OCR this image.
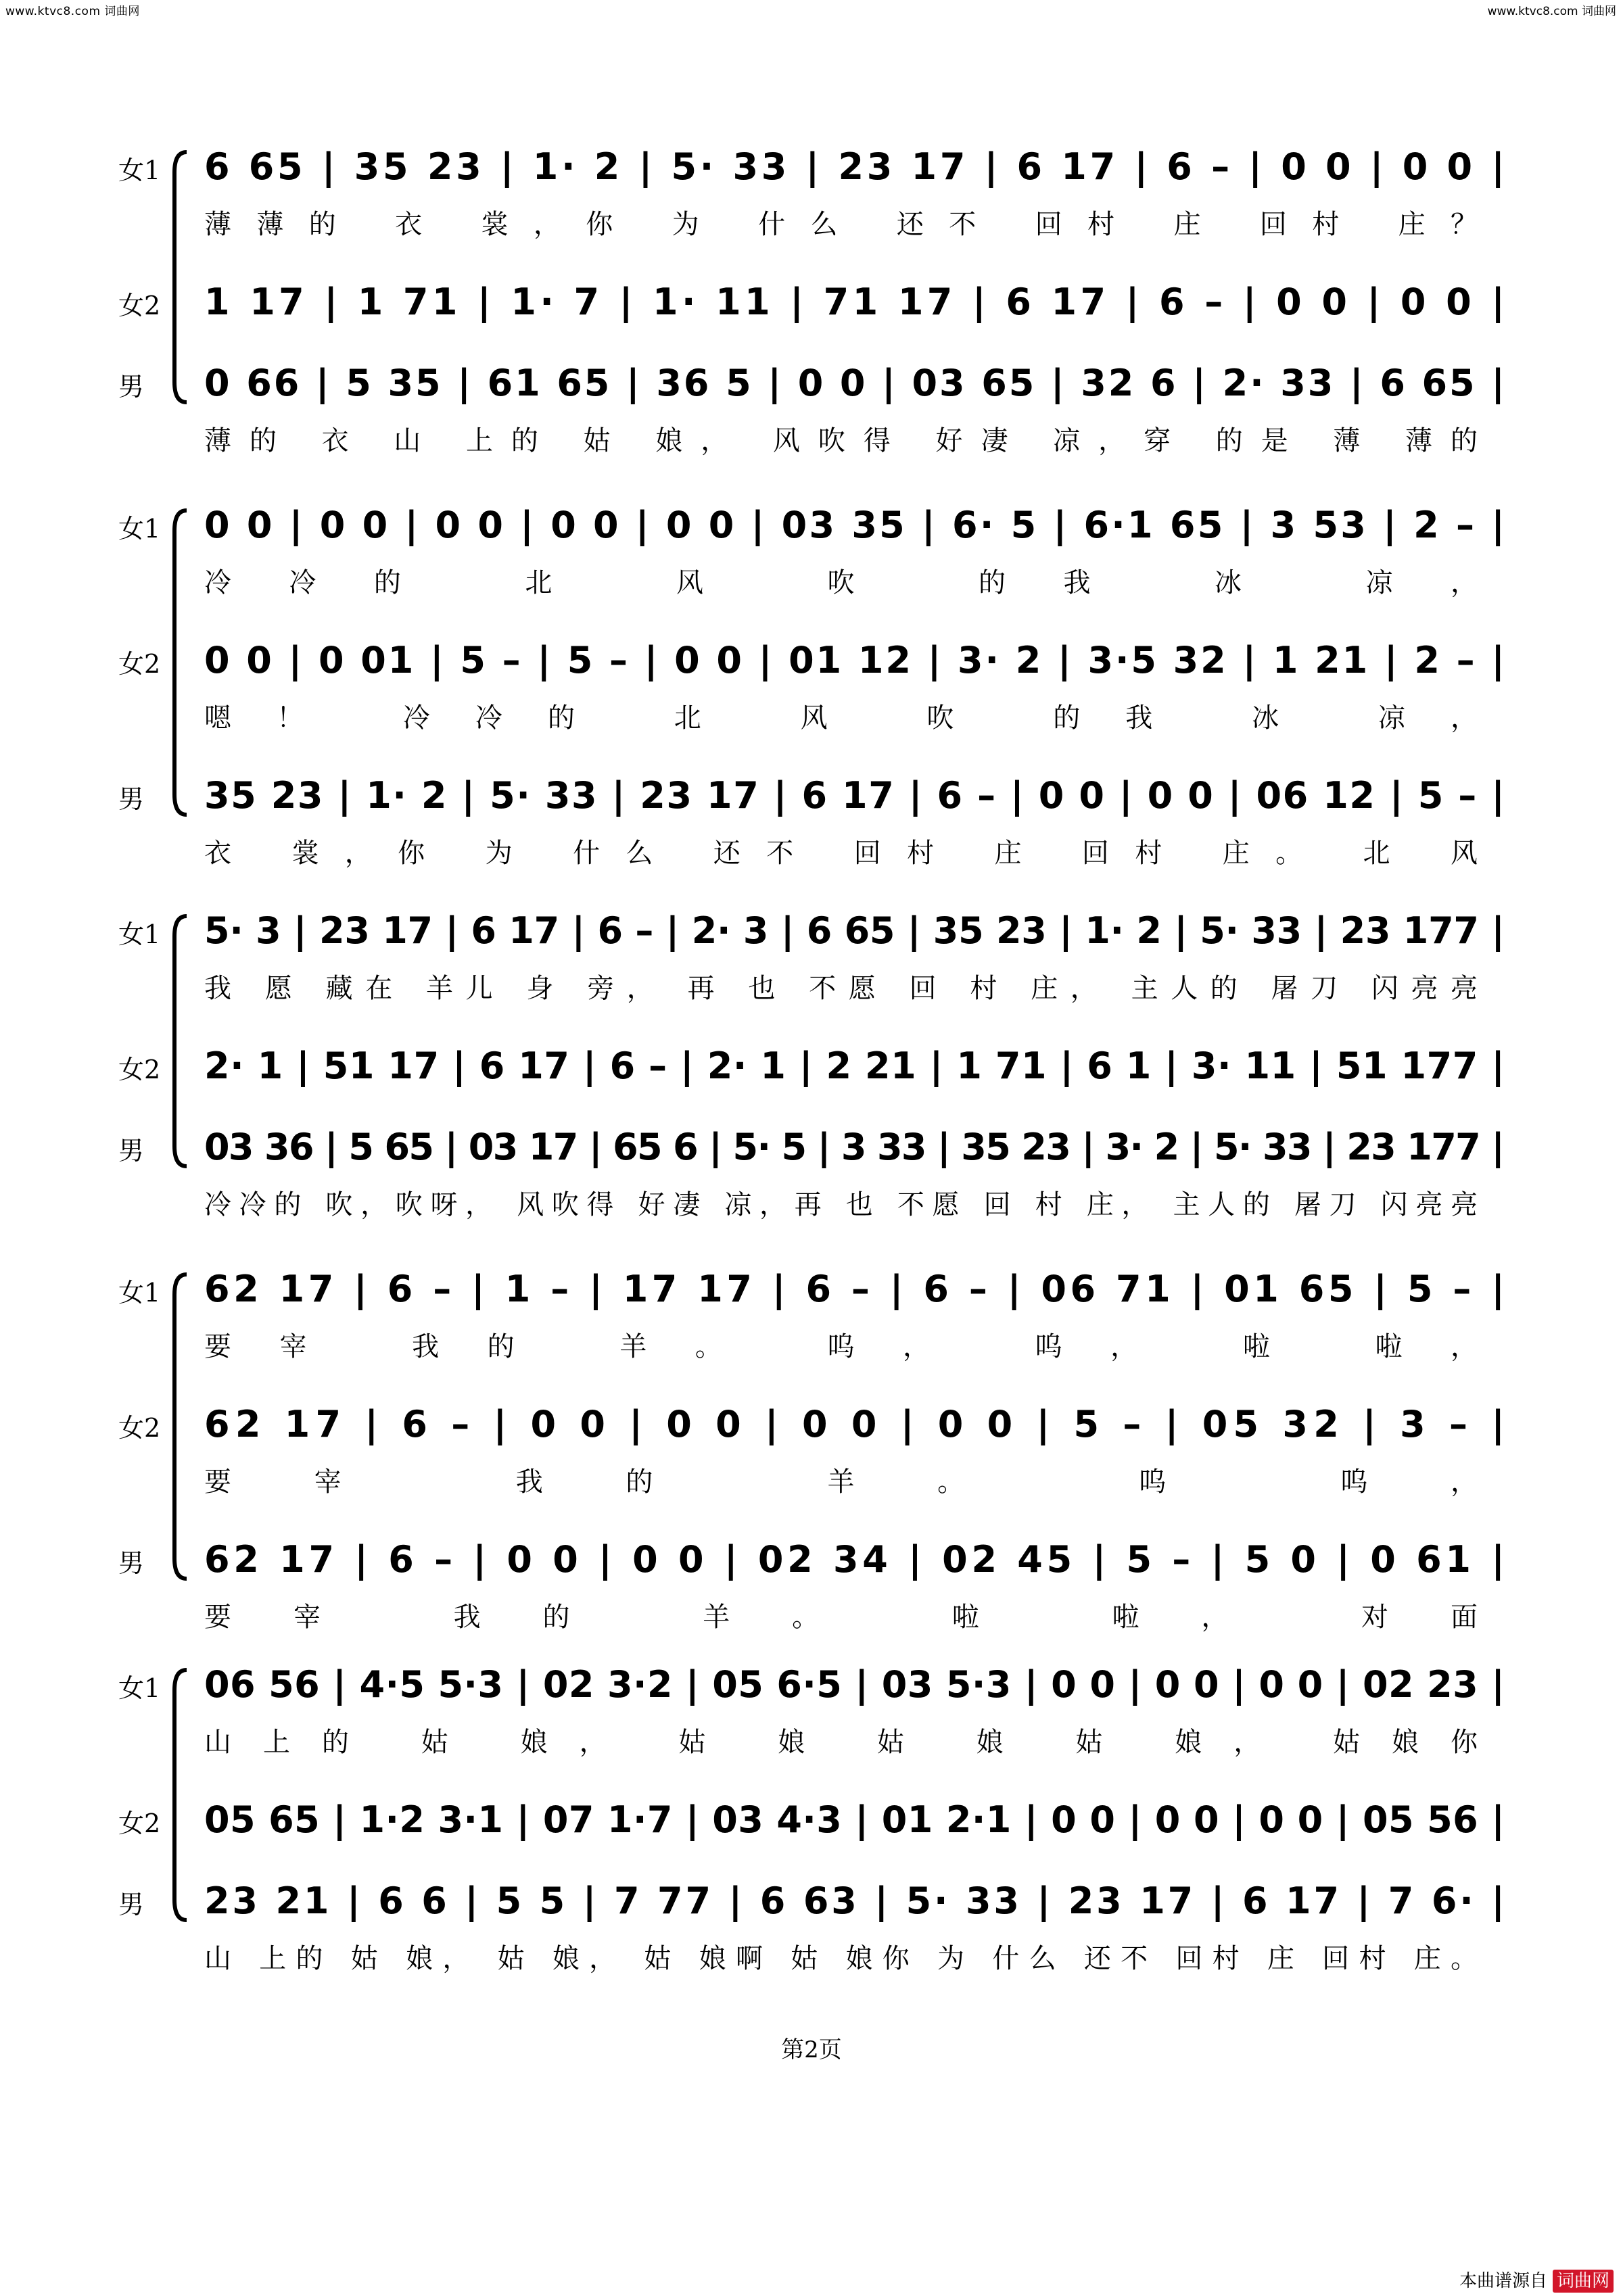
www.ktvc8.com 词曲网	www.ktvc8.com 词曲网
女1 6 65 | 35 23 | 1· 2 | 5· 33 | 23 17 | 6 17 | 6 – | 0 0 | 0 0 |
薄薄的 衣 裳，你 为 什么 还不 回村 庄 回村 庄？
女2 1 17 | 1 71 | 1· 7 | 1· 11 | 71 17 | 6 17 | 6 – | 0 0 | 0 0 |
男 0 66 | 5 35 | 61 65 | 36 5 | 0 0 | 03 65 | 32 6 | 2· 33 | 6 65 |
薄的 衣 山 上的 姑 娘， 风吹得 好凄 凉，穿 的是 薄 薄的
女1 0 0 | 0 0 | 0 0 | 0 0 | 0 0 | 03 35 | 6· 5 | 6·1 65 | 3 53 | 2 – |
冷冷的 北 风 吹 的我 冰 凉，
女2 0 0 | 0 01 | 5 – | 5 – | 0 0 | 01 12 | 3· 2 | 3·5 32 | 1 21 | 2 – |
嗯！ 冷冷的 北 风 吹 的我 冰 凉，
男 35 23 | 1· 2 | 5· 33 | 23 17 | 6 17 | 6 – | 0 0 | 0 0 | 06 12 | 5 – |
衣 裳，你 为 什么 还不 回村 庄 回村 庄。 北 风
女1 5· 3 | 23 17 | 6 17 | 6 – | 2· 3 | 6 65 | 35 23 | 1· 2 | 5· 33 | 23 177 |
我 愿 藏在 羊儿 身 旁， 再 也 不愿 回 村 庄， 主人的 屠刀 闪亮亮
女2 2· 1 | 51 17 | 6 17 | 6 – | 2· 1 | 2 21 | 1 71 | 6 1 | 3· 11 | 51 177 |
男 03 36 | 5 65 | 03 17 | 65 6 | 5· 5 | 3 33 | 35 23 | 3· 2 | 5· 33 | 23 177 |
冷冷的 吹，吹呀， 风吹得 好凄 凉，再 也 不愿 回 村 庄， 主人的 屠刀 闪亮亮
女1 62 17 | 6 – | 1 – | 17 17 | 6 – | 6 – | 06 71 | 01 65 | 5 – |
要宰 我的 羊。 呜， 呜， 啦 啦，
女2 62 17 | 6 – | 0 0 | 0 0 | 0 0 | 0 0 | 5 – | 05 32 | 3 – |
要宰 我的 羊。 呜 呜，
男 62 17 | 6 – | 0 0 | 0 0 | 02 34 | 02 45 | 5 – | 5 0 | 0 61 |
要宰 我的 羊。 啦 啦， 对面
女1 06 56 | 4·5 5·3 | 02 3·2 | 05 6·5 | 03 5·3 | 0 0 | 0 0 | 0 0 | 02 23 |
山上的 姑 娘， 姑 娘 姑 娘 姑 娘， 姑娘你
女2 05 65 | 1·2 3·1 | 07 1·7 | 03 4·3 | 01 2·1 | 0 0 | 0 0 | 0 0 | 05 56 |
男 23 21 | 6 6 | 5 5 | 7 77 | 6 63 | 5· 33 | 23 17 | 6 17 | 7 6· |
山 上的 姑 娘， 姑 娘， 姑 娘啊 姑 娘你 为 什么 还不 回村 庄 回村 庄。
第2页
本曲谱源自 词曲网
